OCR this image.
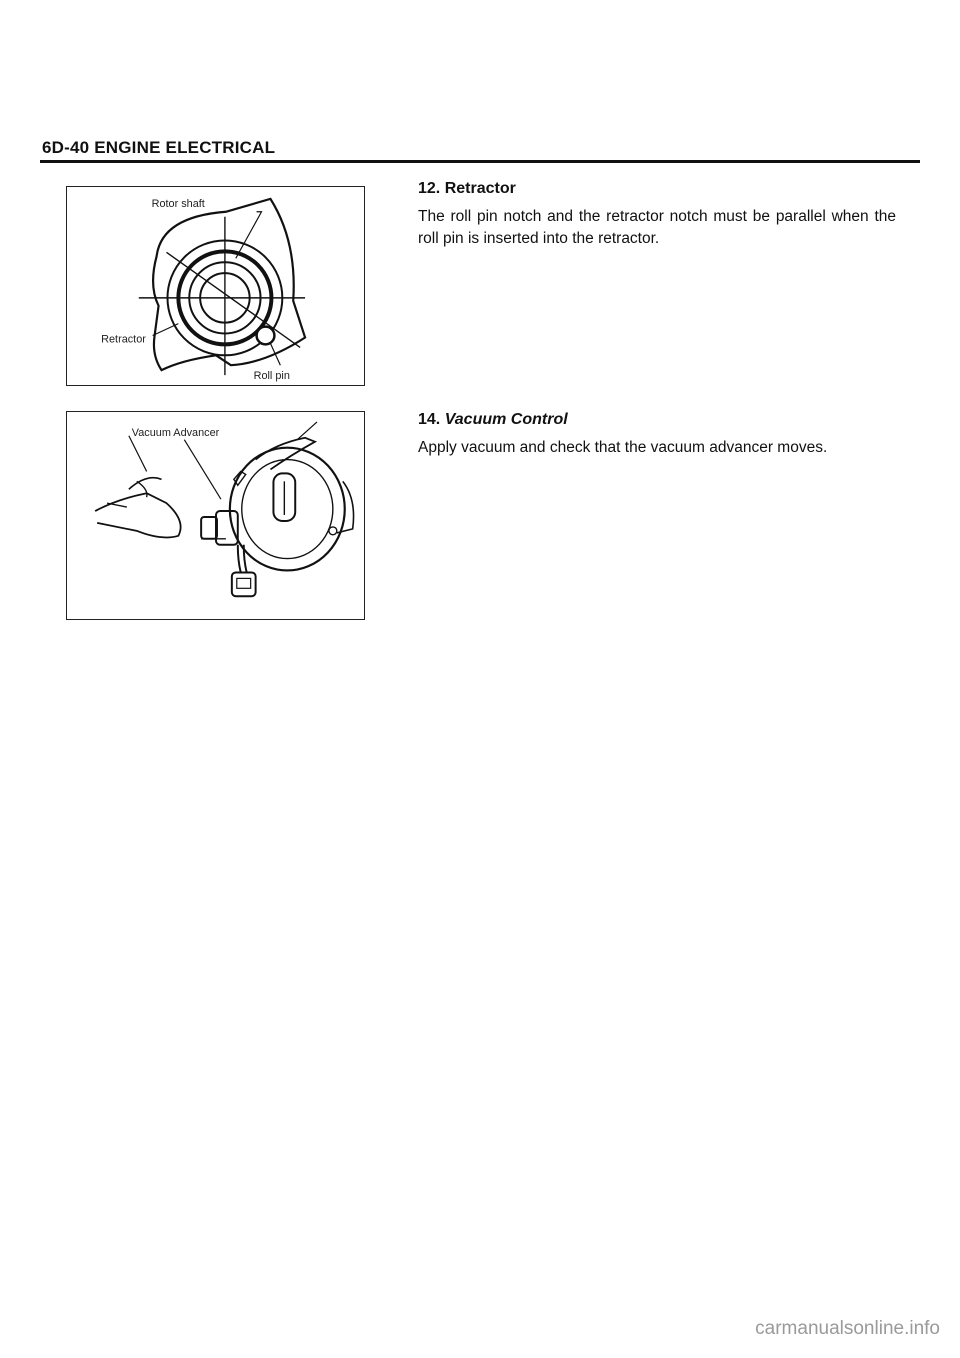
6D-40 ENGINE ELECTRICAL
Rotor shaft
Retractor
Roll pin
Vacuum Advancer
12. Retractor

The roll pin notch and the retractor notch must be parallel when the roll pin is inserted into the retractor.

14. Vacuum Control

Apply vacuum and check that the vacuum advancer moves.

carmanualsonline.info
